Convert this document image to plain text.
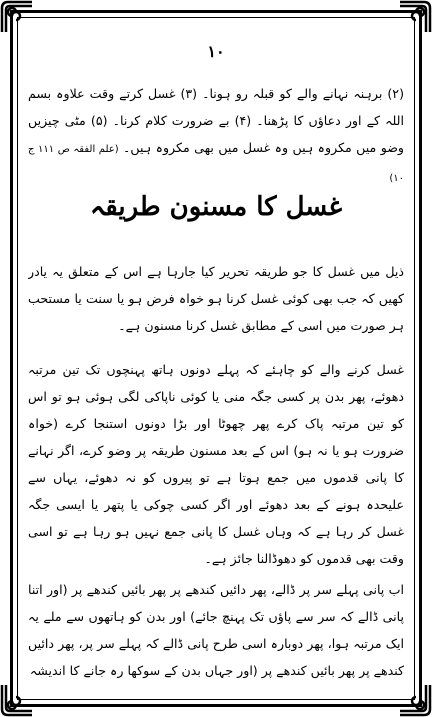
۱۰

(۲) برہنہ نہانے والے کو قبلہ رو ہونا۔ (۳) غسل کرتے وقت علاوہ بسم اللہ کے اور دعاؤں کا پڑھنا۔ (۴) بے ضرورت کلام کرنا۔ (۵) مٹی چیزیں وضو میں مکروہ ہیں وہ غسل میں بھی مکروہ ہیں۔ (علم الفقہ ص ۱۱۱ ج ۱۰)

غسل کا مسنون طریقہ

ذیل میں غسل کا جو طریقہ تحریر کیا جارہا ہے اس کے متعلق یہ یادر کھیں کہ جب بھی کوئی غسل کرنا ہو خواہ فرض ہو یا سنت یا مستحب ہر صورت میں اسی کے مطابق غسل کرنا مسنون ہے۔

غسل کرنے والے کو چاہئے کہ پہلے دونوں ہاتھ پہنچوں تک تین مرتبہ دھوئے، پھر بدن پر کسی جگہ منی یا کوئی ناپاکی لگی ہوئی ہو تو اس کو تین مرتبہ پاک کرے پھر چھوٹا اور بڑا دونوں استنجا کرے (خواہ ضرورت ہو یا نہ ہو) اس کے بعد مسنون طریقہ پر وضو کرے، اگر نہانے کا پانی قدموں میں جمع ہوتا ہے تو پیروں کو نہ دھوئے، یہاں سے علیحدہ ہونے کے بعد دھوئے اور اگر کسی چوکی یا پتھر یا ایسی جگہ غسل کر رہا ہے کہ وہاں غسل کا پانی جمع نہیں ہو رہا ہے تو اسی وقت بھی قدموں کو دھوڈالنا جائز ہے۔

اب پانی پہلے سر پر ڈالے، پھر دائیں کندھے پر پھر بائیں کندھے پر (اور اتنا پانی ڈالے کہ سر سے پاؤں تک پہنچ جائے) اور بدن کو ہاتھوں سے ملے یہ ایک مرتبہ ہوا، پھر دوبارہ اسی طرح پانی ڈالے کہ پہلے سر پر، پھر دائیں کندھے پر پھر بائیں کندھے پر (اور جہاں بدن کے سوکھا رہ جانے کا اندیشہ
